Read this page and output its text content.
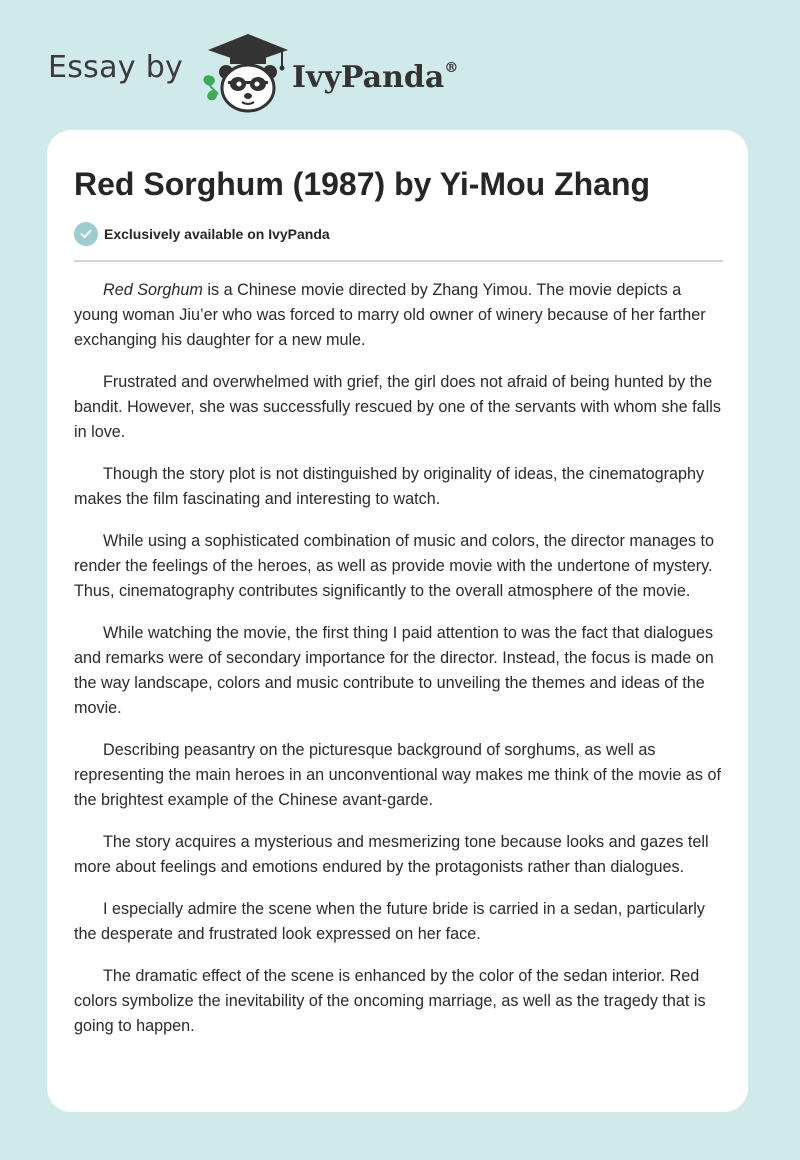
Essay by	IvyPanda®
Red Sorghum (1987) by Yi-Mou Zhang
Exclusively available on IvyPanda

Red Sorghum is a Chinese movie directed by Zhang Yimou. The movie depicts a young woman Jiu’er who was forced to marry old owner of winery because of her farther exchanging his daughter for a new mule.

Frustrated and overwhelmed with grief, the girl does not afraid of being hunted by the bandit. However, she was successfully rescued by one of the servants with whom she falls in love.

Though the story plot is not distinguished by originality of ideas, the cinematography makes the film fascinating and interesting to watch.

While using a sophisticated combination of music and colors, the director manages to render the feelings of the heroes, as well as provide movie with the undertone of mystery. Thus, cinematography contributes significantly to the overall atmosphere of the movie.

While watching the movie, the first thing I paid attention to was the fact that dialogues and remarks were of secondary importance for the director. Instead, the focus is made on the way landscape, colors and music contribute to unveiling the themes and ideas of the movie.

Describing peasantry on the picturesque background of sorghums, as well as representing the main heroes in an unconventional way makes me think of the movie as of the brightest example of the Chinese avant-garde.

The story acquires a mysterious and mesmerizing tone because looks and gazes tell more about feelings and emotions endured by the protagonists rather than dialogues.

I especially admire the scene when the future bride is carried in a sedan, particularly the desperate and frustrated look expressed on her face.

The dramatic effect of the scene is enhanced by the color of the sedan interior. Red colors symbolize the inevitability of the oncoming marriage, as well as the tragedy that is going to happen.
